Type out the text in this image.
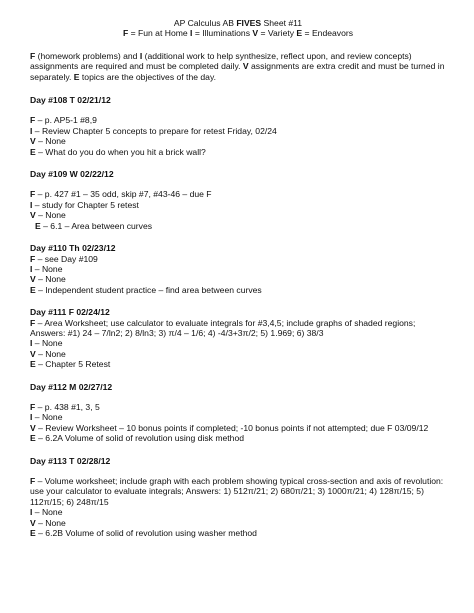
AP Calculus AB FIVES Sheet #11
F = Fun at Home I = Illuminations V = Variety E = Endeavors
F (homework problems) and I (additional work to help synthesize, reflect upon, and review concepts) assignments are required and must be completed daily. V assignments are extra credit and must be turned in separately. E topics are the objectives of the day.
Day #108 T 02/21/12
F – p. AP5-1 #8,9
I – Review Chapter 5 concepts to prepare for retest Friday, 02/24
V – None
E – What do you do when you hit a brick wall?
Day #109 W 02/22/12
F – p. 427 #1 – 35 odd, skip #7, #43-46 – due F
I – study for Chapter 5 retest
V – None
E – 6.1 – Area between curves
Day #110 Th 02/23/12
F – see Day #109
I – None
V – None
E – Independent student practice – find area between curves
Day #111 F 02/24/12
F – Area Worksheet; use calculator to evaluate integrals for #3,4,5; include graphs of shaded regions; Answers: #1) 24 – 7/ln2; 2) 8/ln3; 3) π/4 – 1/6; 4) -4/3+3π/2; 5) 1.969; 6) 38/3
I – None
V – None
E – Chapter 5 Retest
Day #112 M 02/27/12
F – p. 438 #1, 3, 5
I – None
V – Review Worksheet – 10 bonus points if completed; -10 bonus points if not attempted; due F 03/09/12
E – 6.2A Volume of solid of revolution using disk method
Day #113 T 02/28/12
F – Volume worksheet; include graph with each problem showing typical cross-section and axis of revolution: use your calculator to evaluate integrals; Answers: 1) 512π/21; 2) 680π/21; 3) 1000π/21; 4) 128π/15; 5) 112π/15; 6) 248π/15
I – None
V – None
E – 6.2B Volume of solid of revolution using washer method
